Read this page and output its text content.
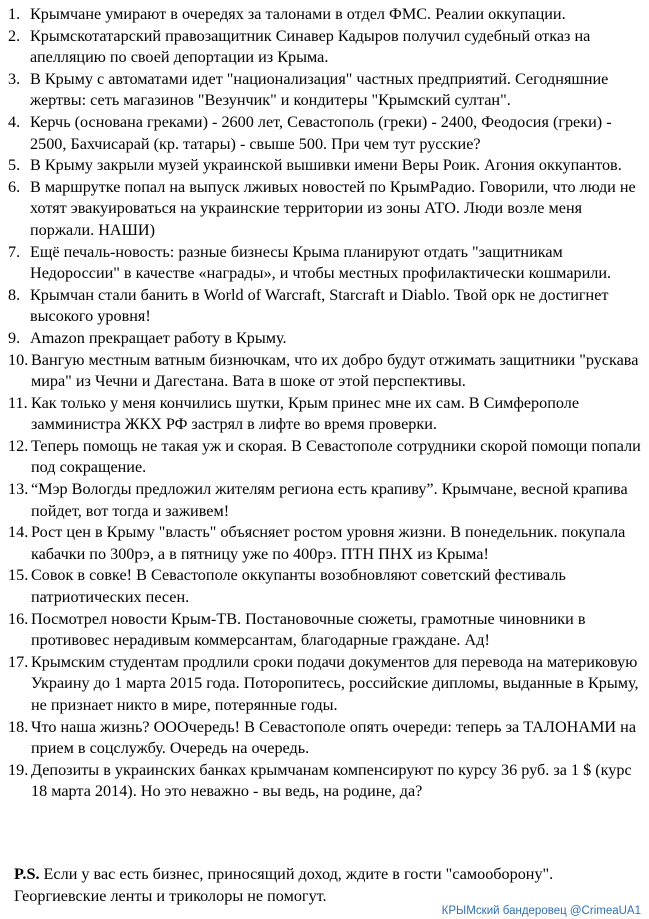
1. Крымчане умирают в очередях за талонами в отдел ФМС. Реалии оккупации.
2. Крымскотатарский правозащитник Синавер Кадыров получил судебный отказ на апелляцию по своей депортации из Крыма.
3. В Крыму с автоматами идет "национализация" частных предприятий. Сегодняшние жертвы: сеть магазинов "Везунчик" и кондитеры "Крымский султан".
4. Керчь (основана греками) - 2600 лет, Севастополь (греки) - 2400, Феодосия (греки) - 2500, Бахчисарай (кр. татары) - свыше 500. При чем тут русские?
5. В Крыму закрыли музей украинской вышивки имени Веры Роик. Агония оккупантов.
6. В маршрутке попал на выпуск лживых новостей по КрымРадио. Говорили, что люди не хотят эвакуироваться на украинские территории из зоны АТО. Люди возле меня поржали. НАШИ)
7. Ещё печаль-новость: разные бизнесы Крыма планируют отдать "защитникам Недороссии" в качестве «награды», и чтобы местных профилактически кошмарили.
8. Крымчан стали банить в World of Warcraft, Starcraft и Diablo. Твой орк не достигнет высокого уровня!
9. Amazon прекращает работу в Крыму.
10. Вангую местным ватным бизнючкам, что их добро будут отжимать защитники "рускава мира" из Чечни и Дагестана. Вата в шоке от этой перспективы.
11. Как только у меня кончились шутки, Крым принес мне их сам. В Симферополе замминистра ЖКХ РФ застрял в лифте во время проверки.
12. Теперь помощь не такая уж и скорая. В Севастополе сотрудники скорой помощи попали под сокращение.
13. “Мэр Вологды предложил жителям региона есть крапиву”. Крымчане, весной крапива пойдет, вот тогда и заживем!
14. Рост цен в Крыму "власть" объясняет ростом уровня жизни. В понедельник. покупала кабачки по 300рэ, а в пятницу уже по 400рэ. ПТН ПНХ из Крыма!
15. Совок в совке! В Севастополе оккупанты возобновляют советский фестиваль патриотических песен.
16. Посмотрел новости Крым-ТВ. Постановочные сюжеты, грамотные чиновники в противовес нерадивым коммерсантам, благодарные граждане. Ад!
17. Крымским студентам продлили сроки подачи документов для перевода на материковую Украину до 1 марта 2015 года. Поторопитесь, российские дипломы, выданные в Крыму, не признает никто в мире, потерянные годы.
18. Что наша жизнь? ОООчередь! В Севастополе опять очереди: теперь за ТАЛОНАМИ на прием в соцслужбу. Очередь на очередь.
19. Депозиты в украинских банках крымчанам компенсируют по курсу 36 руб. за 1 $ (курс 18 марта 2014). Но это неважно - вы ведь, на родине, да?
P.S. Если у вас есть бизнес, приносящий доход, ждите в гости "самооборону". Георгиевские ленты и триколоры не помогут.
КРЫМский бандеровец @CrimeaUA1
